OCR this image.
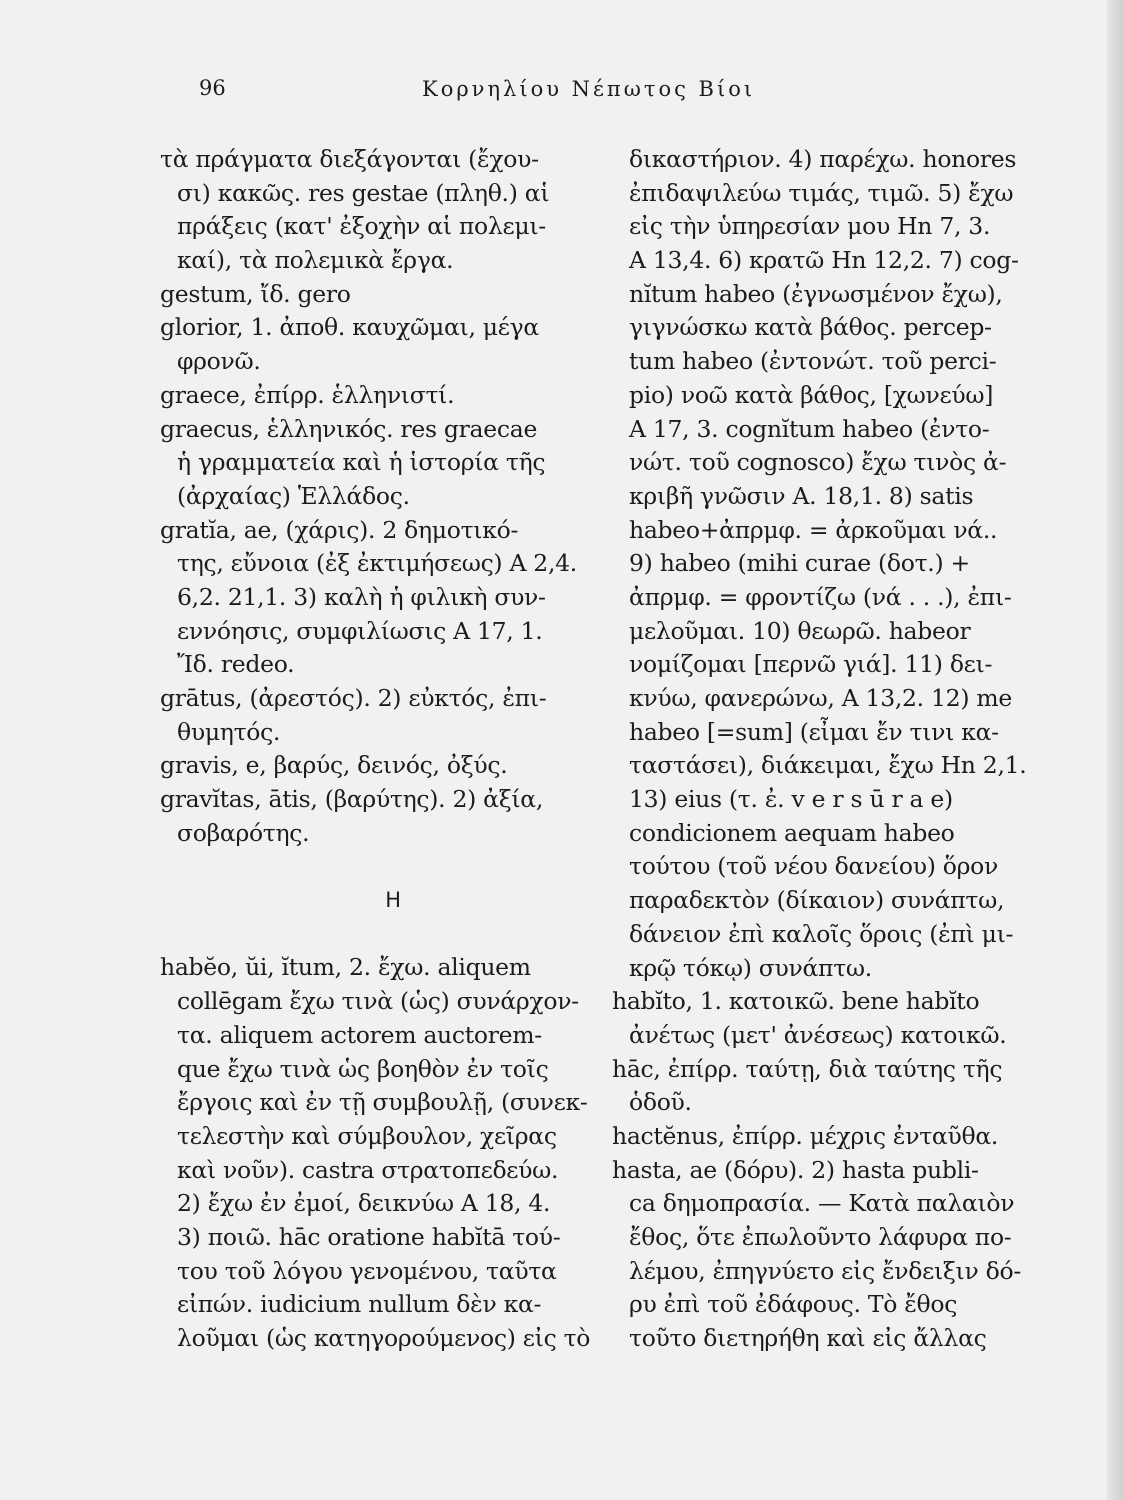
96	Κορνηλίου Νέπωτος Βίοι

τὰ πράγματα διεξάγονται (ἔχου-
σι) κακῶς. res gestae (πληθ.) αἱ
πράξεις (κατ' ἐξοχὴν αἱ πολεμι-
καί), τὰ πολεμικὰ ἔργα.
gestum, ἴδ. gero
glorior, 1. ἀποθ. καυχῶμαι, μέγα
φρονῶ.
graece, ἐπίρρ. ἑλληνιστί.
graecus, ἑλληνικός. res graecae
ἡ γραμματεία καὶ ἡ ἱστορία τῆς
(ἀρχαίας) Ἑλλάδος.
gratĭa, ae, (χάρις). 2 δημοτικό-
της, εὔνοια (ἐξ ἐκτιμήσεως) Α 2,4.
6,2. 21,1. 3) καλὴ ἡ φιλικὴ συν-
εννόησις, συμφιλίωσις Α 17, 1.
Ἴδ. redeo.
grātus, (ἀρεστός). 2) εὐκτός, ἐπι-
θυμητός.
gravis, e, βαρύς, δεινός, ὀξύς.
gravĭtas, ātis, (βαρύτης). 2) ἀξία,
σοβαρότης.
H
habĕo, ŭi, ĭtum, 2. ἔχω. aliquem
collēgam ἔχω τινὰ (ὡς) συνάρχον-
τα. aliquem actorem auctorem-
que ἔχω τινὰ ὡς βοηθὸν ἐν τοῖς
ἔργοις καὶ ἐν τῇ συμβουλῇ, (συνεκ-
τελεστὴν καὶ σύμβουλον, χεῖρας
καὶ νοῦν). castra στρατοπεδεύω.
2) ἔχω ἐν ἐμοί, δεικνύω Α 18, 4.
3) ποιῶ. hāc oratione habĭtā τού-
του τοῦ λόγου γενομένου, ταῦτα
εἰπών. iudicium nullum δὲν κα-
λοῦμαι (ὡς κατηγορούμενος) εἰς τὸ
δικαστήριον. 4) παρέχω. honores
ἐπιδαψιλεύω τιμάς, τιμῶ. 5) ἔχω
εἰς τὴν ὑπηρεσίαν μου Hn 7, 3.
Α 13,4. 6) κρατῶ Hn 12,2. 7) cog-
nĭtum habeo (ἐγνωσμένον ἔχω),
γιγνώσκω κατὰ βάθος. percep-
tum habeo (ἐντονώτ. τοῦ perci-
pio) νοῶ κατὰ βάθος, [χωνεύω]
Α 17, 3. cognĭtum habeo (ἐντο-
νώτ. τοῦ cognosco) ἔχω τινὸς ἀ-
κριβῆ γνῶσιν Α. 18,1. 8) satis
habeo+ἀπρμφ. = ἀρκοῦμαι νά..
9) habeo (mihi curae (δοτ.) +
ἀπρμφ. = φροντίζω (νά . . .), ἐπι-
μελοῦμαι. 10) θεωρῶ. habeor
νομίζομαι [περνῶ γιά]. 11) δει-
κνύω, φανερώνω, Α 13,2. 12) me
habeo [=sum] (εἶμαι ἔν τινι κα-
ταστάσει), διάκειμαι, ἔχω Hn 2,1.
13) eius (τ. ἐ. v e r s ū r a e)
condicionem aequam habeo
τούτου (τοῦ νέου δανείου) ὅρον
παραδεκτὸν (δίκαιον) συνάπτω,
δάνειον ἐπὶ καλοῖς ὅροις (ἐπὶ μι-
κρῷ τόκῳ) συνάπτω.
habĭto, 1. κατοικῶ. bene habĭto
ἀνέτως (μετ' ἀνέσεως) κατοικῶ.
hāc, ἐπίρρ. ταύτῃ, διὰ ταύτης τῆς
ὁδοῦ.
hactĕnus, ἐπίρρ. μέχρις ἐνταῦθα.
hasta, ae (δόρυ). 2) hasta publi-
ca δημοπρασία. — Κατὰ παλαιὸν
ἔθος, ὅτε ἐπωλοῦντο λάφυρα πο-
λέμου, ἐπηγνύετο εἰς ἔνδειξιν δό-
ρυ ἐπὶ τοῦ ἐδάφους. Τὸ ἔθος
τοῦτο διετηρήθη καὶ εἰς ἄλλας
